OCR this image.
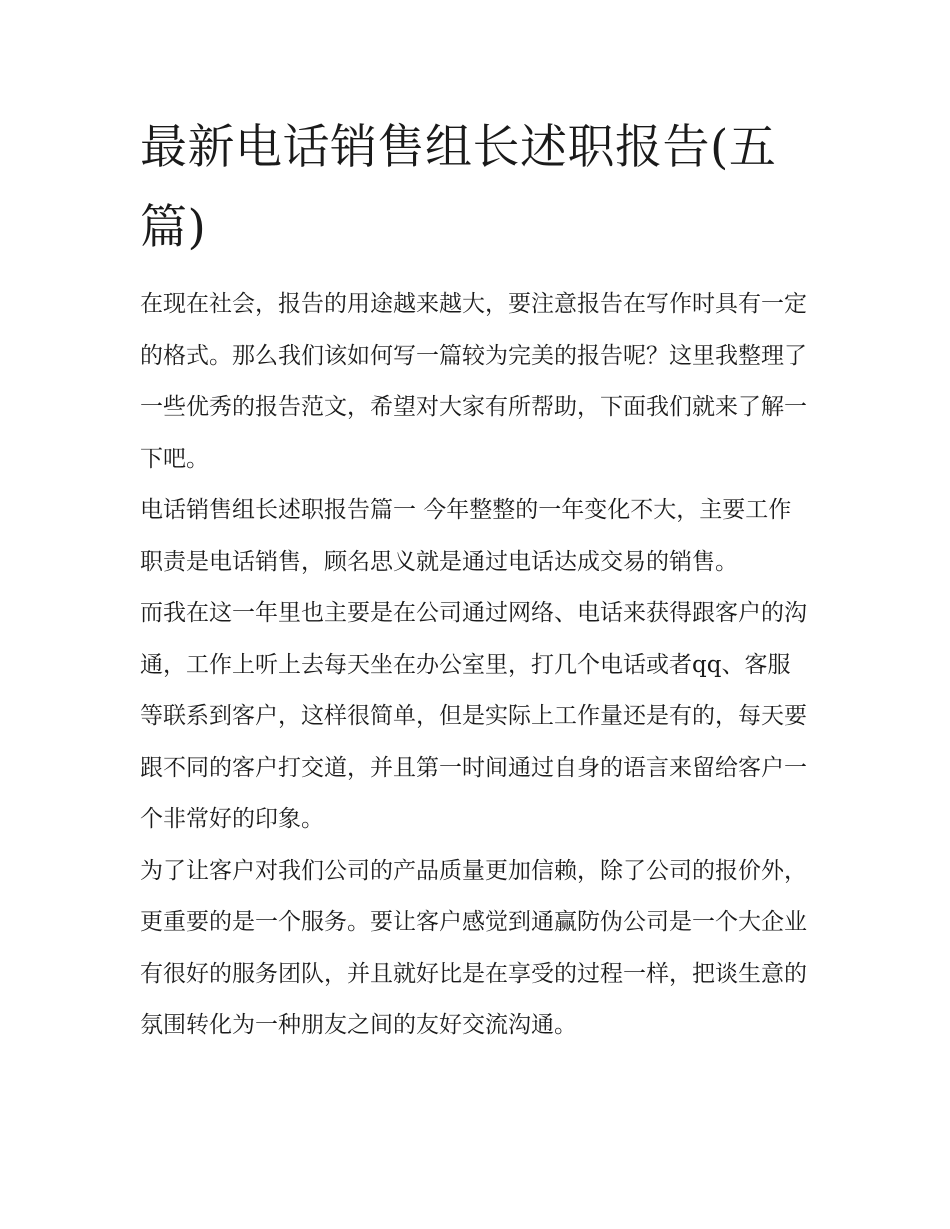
最新电话销售组长述职报告(五篇)

在现在社会，报告的用途越来越大，要注意报告在写作时具有一定的格式。那么我们该如何写一篇较为完美的报告呢？这里我整理了一些优秀的报告范文，希望对大家有所帮助，下面我们就来了解一下吧。

电话销售组长述职报告篇一 今年整整的一年变化不大，主要工作职责是电话销售，顾名思义就是通过电话达成交易的销售。

而我在这一年里也主要是在公司通过网络、电话来获得跟客户的沟通，工作上听上去每天坐在办公室里，打几个电话或者qq、客服等联系到客户，这样很简单，但是实际上工作量还是有的，每天要跟不同的客户打交道，并且第一时间通过自身的语言来留给客户一个非常好的印象。

为了让客户对我们公司的产品质量更加信赖，除了公司的报价外，更重要的是一个服务。要让客户感觉到通赢防伪公司是一个大企业有很好的服务团队，并且就好比是在享受的过程一样，把谈生意的氛围转化为一种朋友之间的友好交流沟通。
